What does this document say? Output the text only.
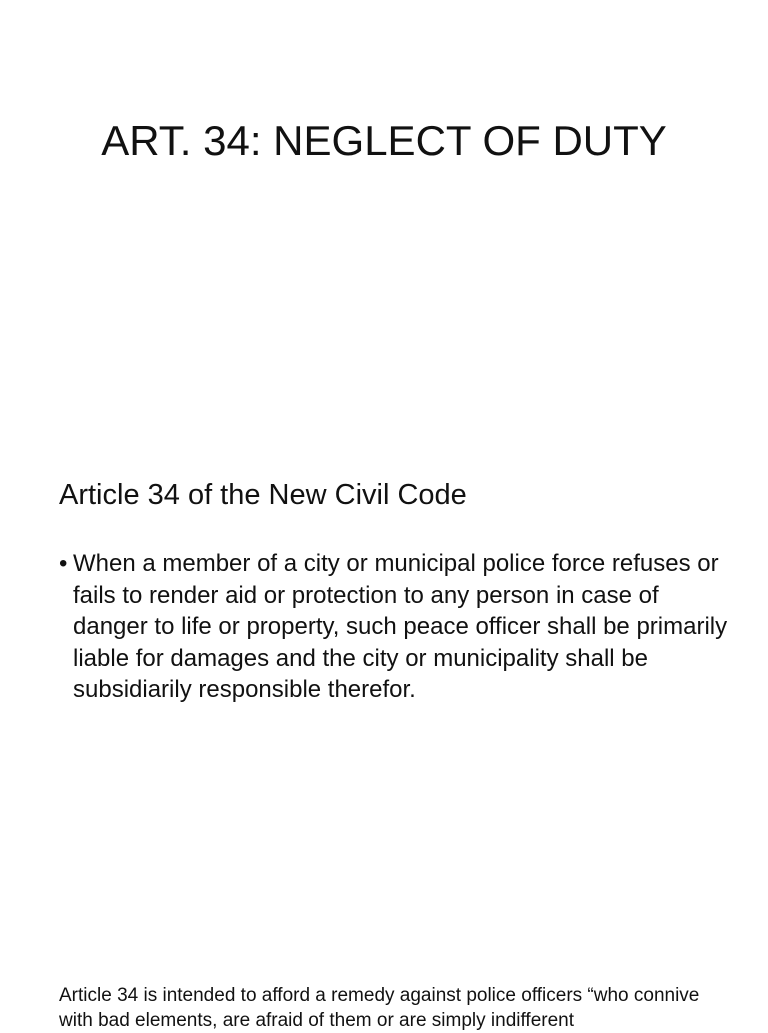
ART. 34: NEGLECT OF DUTY
Article 34 of the New Civil Code
• When a member of a city or municipal police force refuses or fails to render aid or protection to any person in case of danger to life or property, such peace officer shall be primarily liable for damages and the city or municipality shall be subsidiarily responsible therefor.

Article 34 is intended to afford a remedy against police officers “who connive with bad elements, are afraid of them or are simply indifferent
